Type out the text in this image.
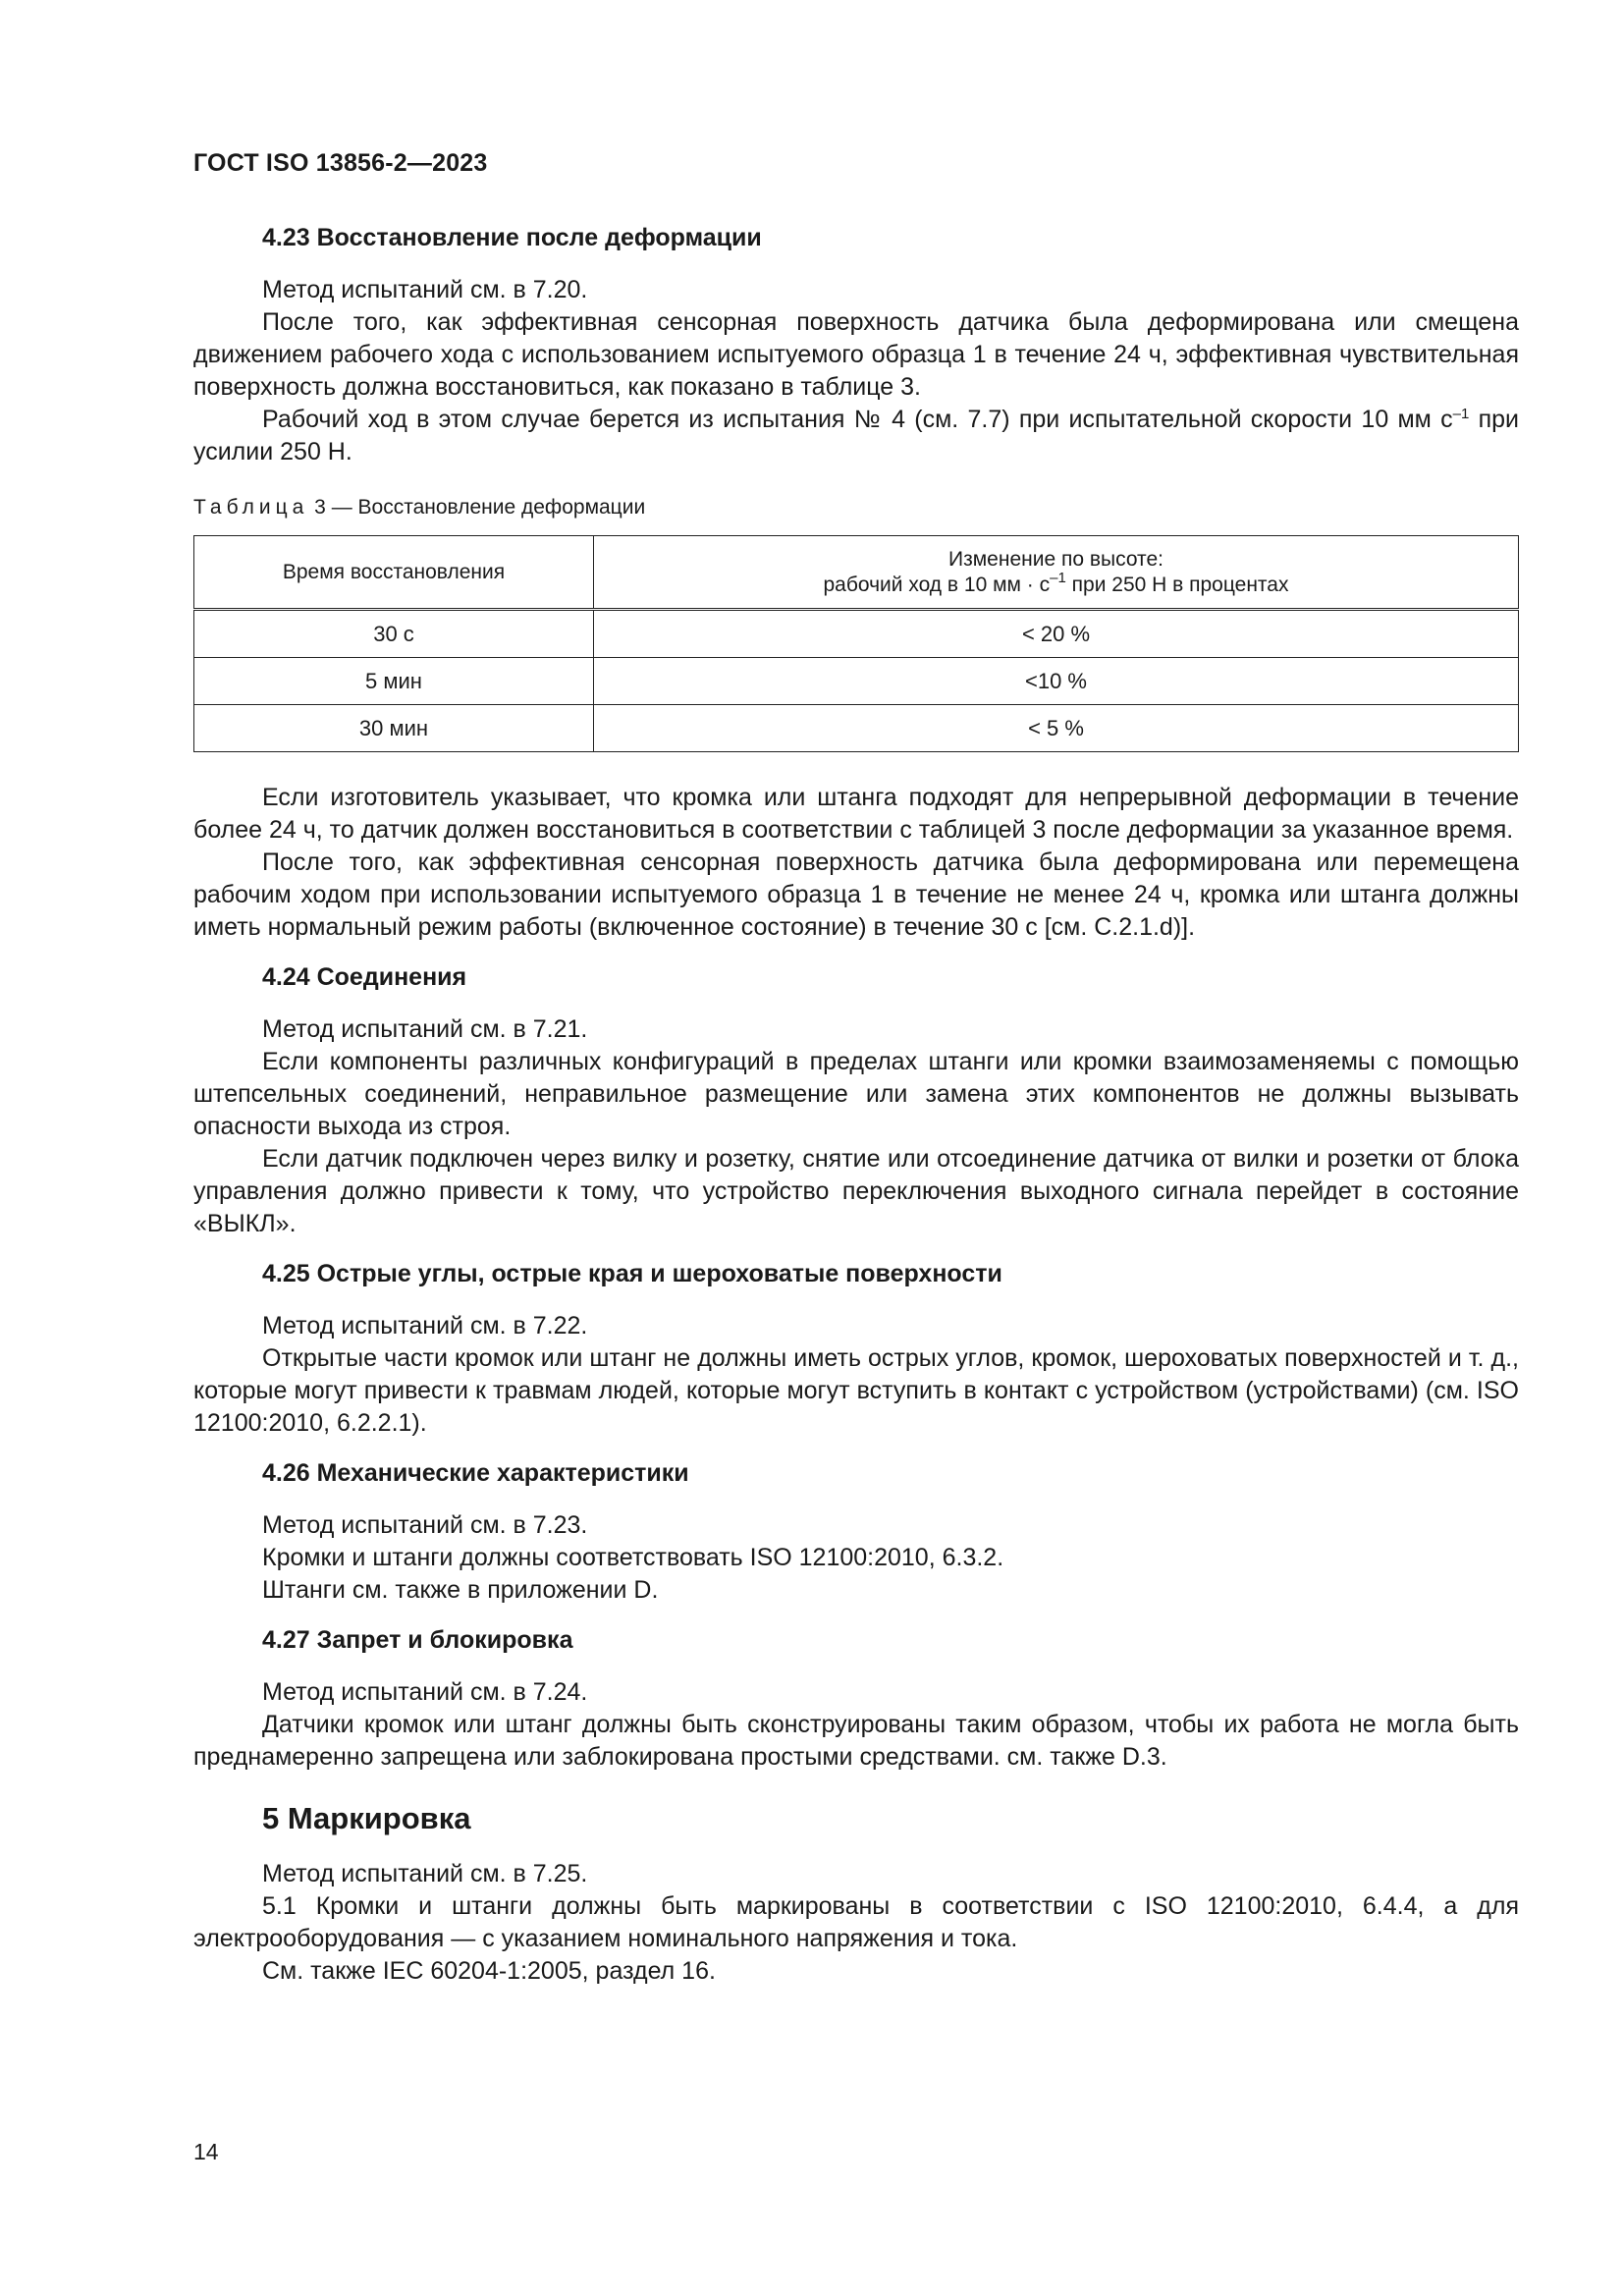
ГОСТ ISO 13856-2—2023
4.23 Восстановление после деформации

Метод испытаний см. в 7.20.

После того, как эффективная сенсорная поверхность датчика была деформирована или смещена движением рабочего хода с использованием испытуемого образца 1 в течение 24 ч, эффективная чувствительная поверхность должна восстановиться, как показано в таблице 3.

Рабочий ход в этом случае берется из испытания № 4 (см. 7.7) при испытательной скорости 10 мм $с^{-1}$ при усилии 250 Н.

Таблица 3 — Восстановление деформации
Время восстановления	Изменение по высоте:
рабочий ход в 10 мм · $с^{-1}$ при 250 Н в процентах
30 с	< 20 %
5 мин	<10 %
30 мин	< 5 %

Если изготовитель указывает, что кромка или штанга подходят для непрерывной деформации в течение более 24 ч, то датчик должен восстановиться в соответствии с таблицей 3 после деформации за указанное время.

После того, как эффективная сенсорная поверхность датчика была деформирована или перемещена рабочим ходом при использовании испытуемого образца 1 в течение не менее 24 ч, кромка или штанга должны иметь нормальный режим работы (включенное состояние) в течение 30 с [см. С.2.1.d)].

4.24 Соединения

Метод испытаний см. в 7.21.

Если компоненты различных конфигураций в пределах штанги или кромки взаимозаменяемы с помощью штепсельных соединений, неправильное размещение или замена этих компонентов не должны вызывать опасности выхода из строя.

Если датчик подключен через вилку и розетку, снятие или отсоединение датчика от вилки и розетки от блока управления должно привести к тому, что устройство переключения выходного сигнала перейдет в состояние «ВЫКЛ».

4.25 Острые углы, острые края и шероховатые поверхности

Метод испытаний см. в 7.22.

Открытые части кромок или штанг не должны иметь острых углов, кромок, шероховатых поверхностей и т. д., которые могут привести к травмам людей, которые могут вступить в контакт с устройством (устройствами) (см. ISO 12100:2010, 6.2.2.1).

4.26 Механические характеристики

Метод испытаний см. в 7.23.

Кромки и штанги должны соответствовать ISO 12100:2010, 6.3.2.

Штанги см. также в приложении D.

4.27 Запрет и блокировка

Метод испытаний см. в 7.24.

Датчики кромок или штанг должны быть сконструированы таким образом, чтобы их работа не могла быть преднамеренно запрещена или заблокирована простыми средствами. см. также D.3.

5 Маркировка

Метод испытаний см. в 7.25.

5.1 Кромки и штанги должны быть маркированы в соответствии с ISO 12100:2010, 6.4.4, а для электрооборудования — с указанием номинального напряжения и тока.

См. также IEC 60204-1:2005, раздел 16.

14
